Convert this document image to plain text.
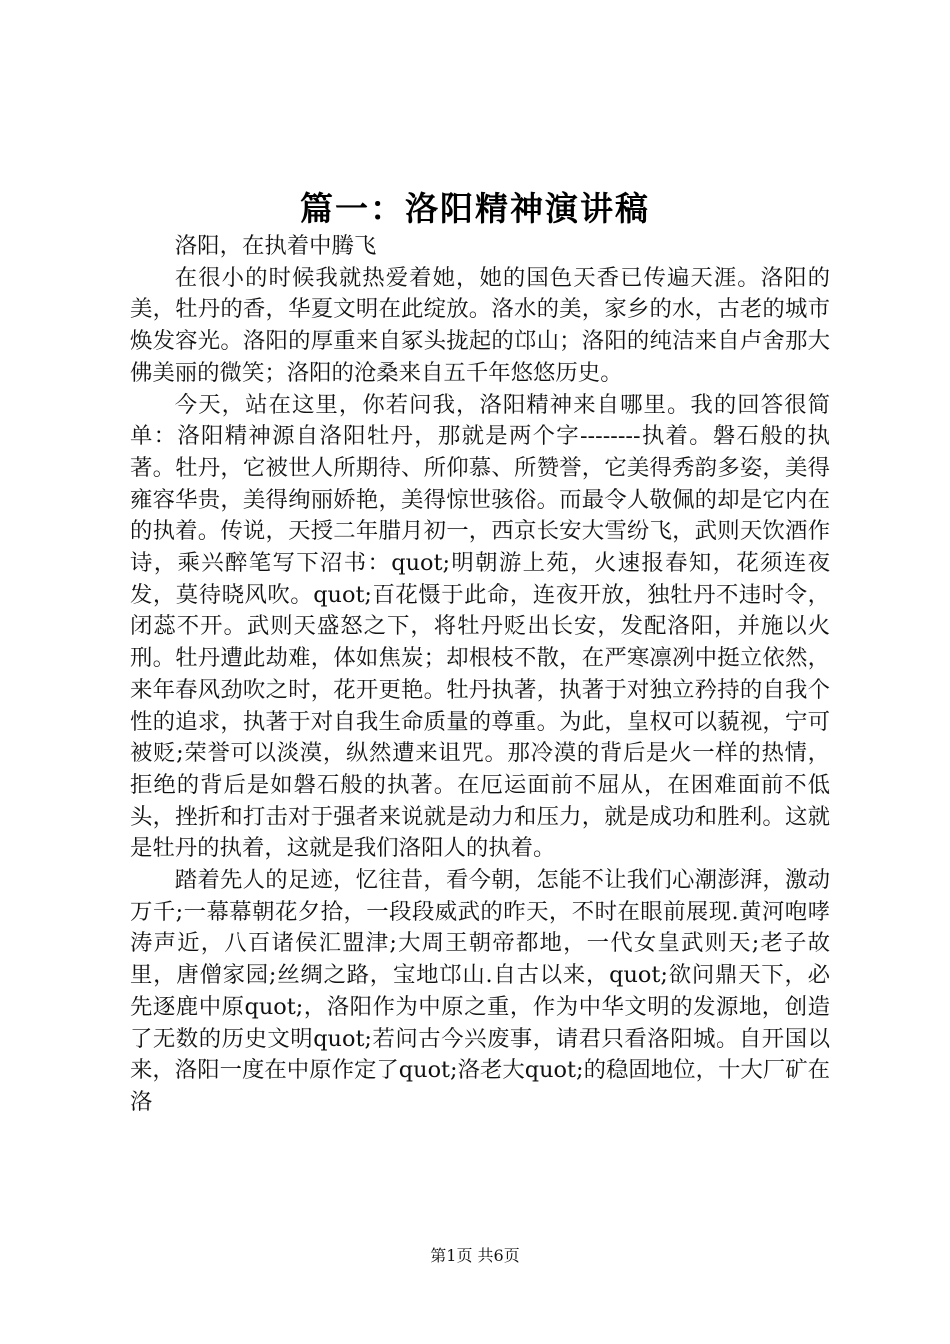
篇一：洛阳精神演讲稿

洛阳，在执着中腾飞

在很小的时候我就热爱着她，她的国色天香已传遍天涯。洛阳的美，牡丹的香，华夏文明在此绽放。洛水的美，家乡的水，古老的城市焕发容光。洛阳的厚重来自冢头拢起的邙山；洛阳的纯洁来自卢舍那大佛美丽的微笑；洛阳的沧桑来自五千年悠悠历史。

今天，站在这里，你若问我，洛阳精神来自哪里。我的回答很简单：洛阳精神源自洛阳牡丹，那就是两个字--------执着。磐石般的执著。牡丹，它被世人所期待、所仰慕、所赞誉，它美得秀韵多姿，美得雍容华贵，美得绚丽娇艳，美得惊世骇俗。而最令人敬佩的却是它内在的执着。传说，天授二年腊月初一，西京长安大雪纷飞，武则天饮酒作诗，乘兴醉笔写下沼书：quot;明朝游上苑，火速报春知，花须连夜发，莫待晓风吹。quot;百花慑于此命，连夜开放，独牡丹不违时令，闭蕊不开。武则天盛怒之下，将牡丹贬出长安，发配洛阳，并施以火刑。牡丹遭此劫难，体如焦炭；却根枝不散，在严寒凛冽中挺立依然，来年春风劲吹之时，花开更艳。牡丹执著，执著于对独立矜持的自我个性的追求，执著于对自我生命质量的尊重。为此，皇权可以藐视，宁可被贬;荣誉可以淡漠，纵然遭来诅咒。那冷漠的背后是火一样的热情，拒绝的背后是如磐石般的执著。在厄运面前不屈从，在困难面前不低头，挫折和打击对于强者来说就是动力和压力，就是成功和胜利。这就是牡丹的执着，这就是我们洛阳人的执着。

踏着先人的足迹，忆往昔，看今朝，怎能不让我们心潮澎湃，激动万千;一幕幕朝花夕拾，一段段威武的昨天，不时在眼前展现.黄河咆哮涛声近，八百诸侯汇盟津;大周王朝帝都地，一代女皇武则天;老子故里，唐僧家园;丝绸之路，宝地邙山.自古以来，quot;欲问鼎天下，必先逐鹿中原quot;，洛阳作为中原之重，作为中华文明的发源地，创造了无数的历史文明quot;若问古今兴废事，请君只看洛阳城。自开国以来，洛阳一度在中原作定了quot;洛老大quot;的稳固地位，十大厂矿在洛

第1页 共6页
